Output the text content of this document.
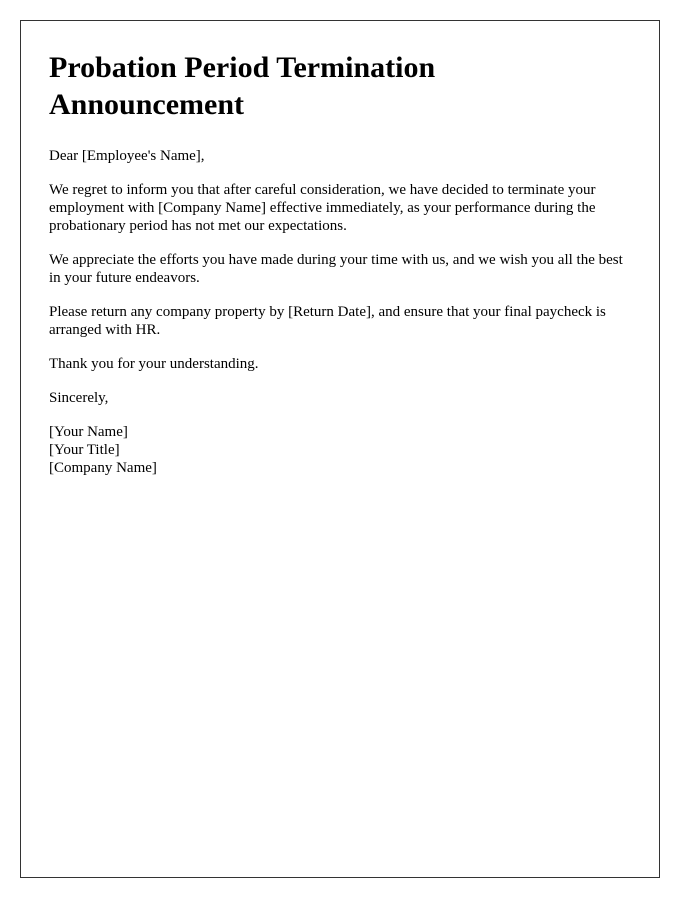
Probation Period Termination Announcement

Dear [Employee's Name],

We regret to inform you that after careful consideration, we have decided to terminate your employment with [Company Name] effective immediately, as your performance during the probationary period has not met our expectations.

We appreciate the efforts you have made during your time with us, and we wish you all the best in your future endeavors.

Please return any company property by [Return Date], and ensure that your final paycheck is arranged with HR.

Thank you for your understanding.

Sincerely,

[Your Name]

[Your Title]

[Company Name]
